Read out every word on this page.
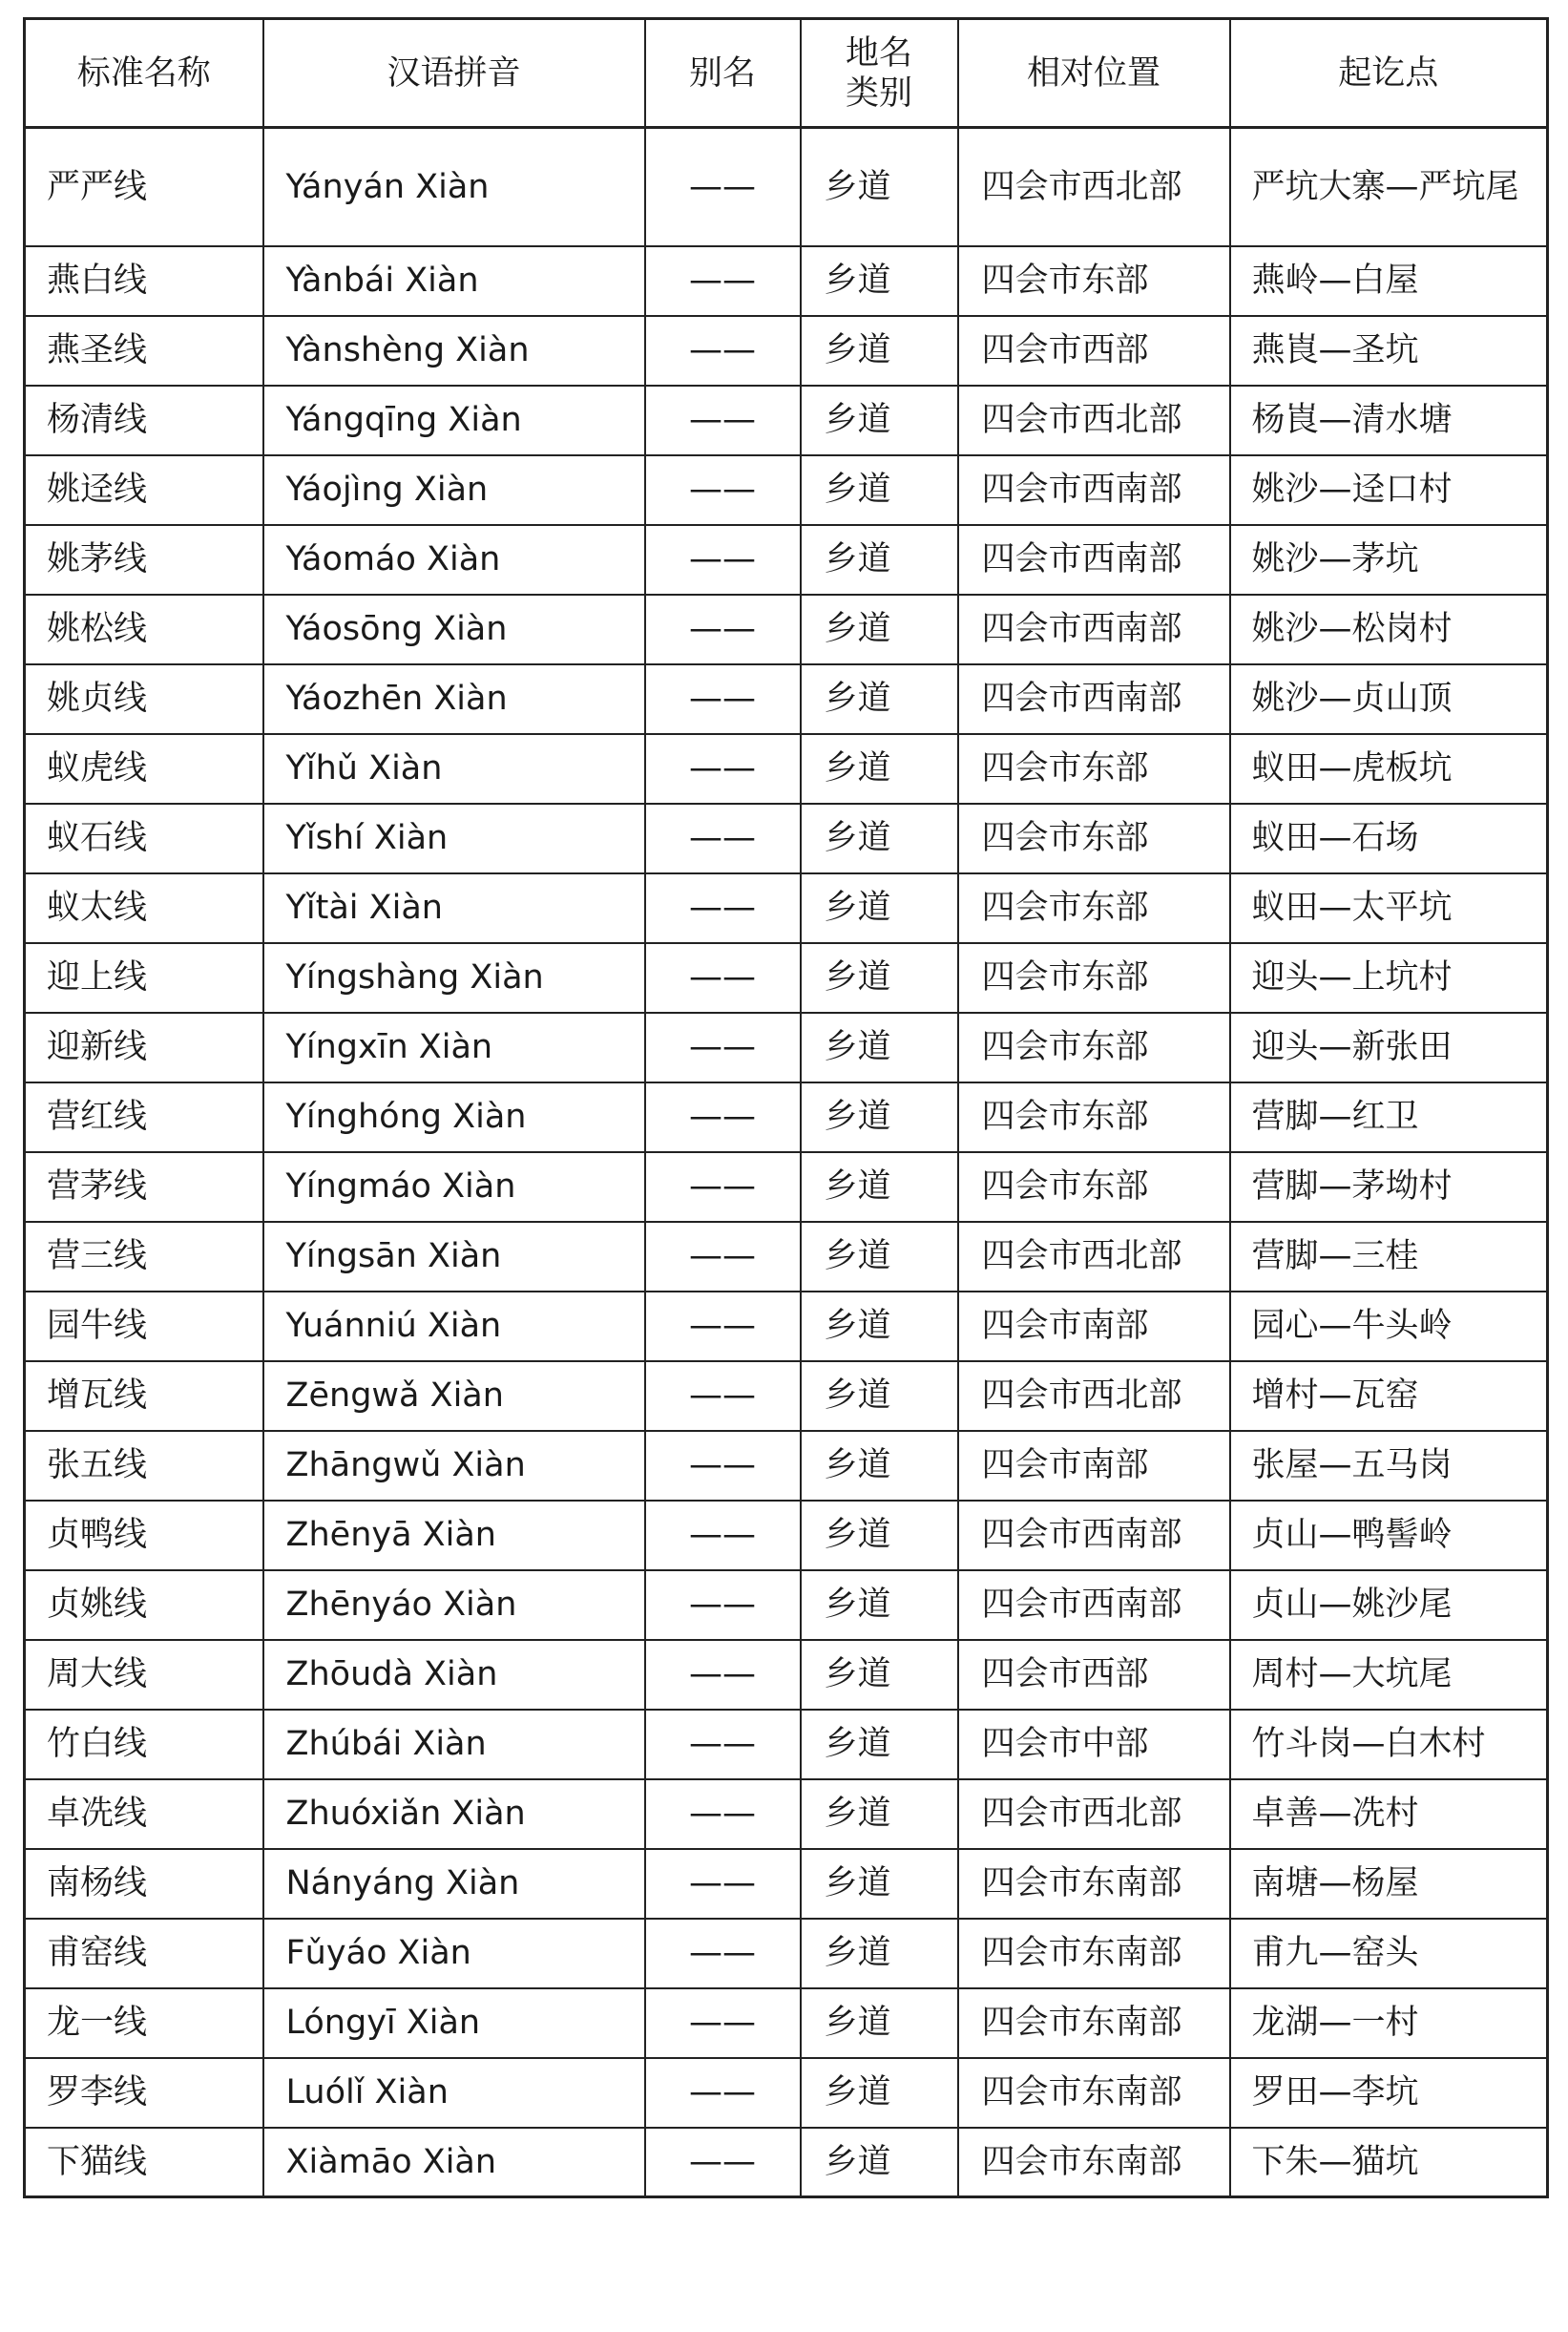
标准名称	汉语拼音	别名	地名类别	相对位置	起讫点
严严线	Yányán Xiàn	——	乡道	四会市西北部	严坑大寨—严坑尾
燕白线	Yànbái Xiàn	——	乡道	四会市东部	燕岭—白屋
燕圣线	Yànshèng Xiàn	——	乡道	四会市西部	燕崀—圣坑
杨清线	Yángqīng Xiàn	——	乡道	四会市西北部	杨崀—清水塘
姚迳线	Yáojìng Xiàn	——	乡道	四会市西南部	姚沙—迳口村
姚茅线	Yáomáo Xiàn	——	乡道	四会市西南部	姚沙—茅坑
姚松线	Yáosōng Xiàn	——	乡道	四会市西南部	姚沙—松岗村
姚贞线	Yáozhēn Xiàn	——	乡道	四会市西南部	姚沙—贞山顶
蚁虎线	Yǐhǔ Xiàn	——	乡道	四会市东部	蚁田—虎板坑
蚁石线	Yǐshí Xiàn	——	乡道	四会市东部	蚁田—石场
蚁太线	Yǐtài Xiàn	——	乡道	四会市东部	蚁田—太平坑
迎上线	Yíngshàng Xiàn	——	乡道	四会市东部	迎头—上坑村
迎新线	Yíngxīn Xiàn	——	乡道	四会市东部	迎头—新张田
营红线	Yínghóng Xiàn	——	乡道	四会市东部	营脚—红卫
营茅线	Yíngmáo Xiàn	——	乡道	四会市东部	营脚—茅坳村
营三线	Yíngsān Xiàn	——	乡道	四会市西北部	营脚—三桂
园牛线	Yuánniú Xiàn	——	乡道	四会市南部	园心—牛头岭
增瓦线	Zēngwǎ Xiàn	——	乡道	四会市西北部	增村—瓦窑
张五线	Zhāngwǔ Xiàn	——	乡道	四会市南部	张屋—五马岗
贞鸭线	Zhēnyā Xiàn	——	乡道	四会市西南部	贞山—鸭髻岭
贞姚线	Zhēnyáo Xiàn	——	乡道	四会市西南部	贞山—姚沙尾
周大线	Zhōudà Xiàn	——	乡道	四会市西部	周村—大坑尾
竹白线	Zhúbái Xiàn	——	乡道	四会市中部	竹斗岗—白木村
卓冼线	Zhuóxiǎn Xiàn	——	乡道	四会市西北部	卓善—冼村
南杨线	Nányáng Xiàn	——	乡道	四会市东南部	南塘—杨屋
甫窑线	Fǔyáo Xiàn	——	乡道	四会市东南部	甫九—窑头
龙一线	Lóngyī Xiàn	——	乡道	四会市东南部	龙湖—一村
罗李线	Luólǐ Xiàn	——	乡道	四会市东南部	罗田—李坑
下猫线	Xiàmāo Xiàn	——	乡道	四会市东南部	下朱—猫坑
